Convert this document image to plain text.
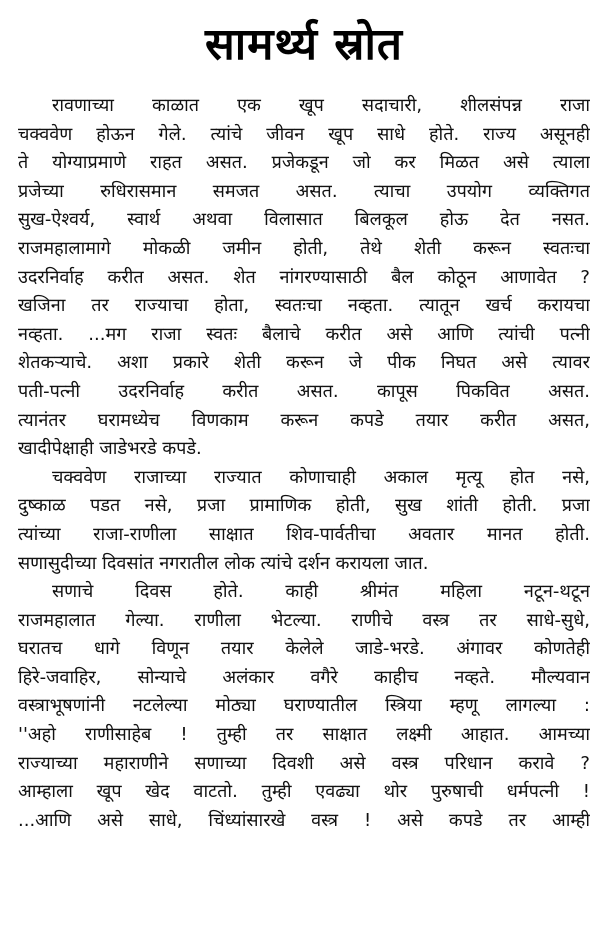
सामर्थ्य स्रोत
रावणाच्या काळात एक खूप सदाचारी, शीलसंपन्न राजा
चक्ववेण होऊन गेले. त्यांचे जीवन खूप साधे होते. राज्य असूनही
ते योग्याप्रमाणे राहत असत. प्रजेकडून जो कर मिळत असे त्याला
प्रजेच्या रुधिरासमान समजत असत. त्याचा उपयोग व्यक्तिगत
सुख-ऐश्वर्य, स्वार्थ अथवा विलासात बिलकूल होऊ देत नसत.
राजमहालामागे मोकळी जमीन होती, तेथे शेती करून स्वतःचा
उदरनिर्वाह करीत असत. शेत नांगरण्यासाठी बैल कोठून आणावेत ?
खजिना तर राज्याचा होता, स्वतःचा नव्हता. त्यातून खर्च करायचा
नव्हता. ...मग राजा स्वतः बैलाचे करीत असे आणि त्यांची पत्नी
शेतकऱ्याचे. अशा प्रकारे शेती करून जे पीक निघत असे त्यावर
पती-पत्नी उदरनिर्वाह करीत असत. कापूस पिकवित असत.
त्यानंतर घरामध्येच विणकाम करून कपडे तयार करीत असत,
खादीपेक्षाही जाडेभरडे कपडे.
चक्ववेण राजाच्या राज्यात कोणाचाही अकाल मृत्यू होत नसे,
दुष्काळ पडत नसे, प्रजा प्रामाणिक होती, सुख शांती होती. प्रजा
त्यांच्या राजा-राणीला साक्षात शिव-पार्वतीचा अवतार मानत होती.
सणासुदीच्या दिवसांत नगरातील लोक त्यांचे दर्शन करायला जात.
सणाचे दिवस होते. काही श्रीमंत महिला नटून-थटून
राजमहालात गेल्या. राणीला भेटल्या. राणीचे वस्त्र तर साधे-सुधे,
घरातच धागे विणून तयार केलेले जाडे-भरडे. अंगावर कोणतेही
हिरे-जवाहिर, सोन्याचे अलंकार वगैरे काहीच नव्हते. मौल्यवान
वस्त्राभूषणांनी नटलेल्या मोठ्या घराण्यातील स्त्रिया म्हणू लागल्या :
''अहो राणीसाहेब ! तुम्ही तर साक्षात लक्ष्मी आहात. आमच्या
राज्याच्या महाराणीने सणाच्या दिवशी असे वस्त्र परिधान करावे ?
आम्हाला खूप खेद वाटतो. तुम्ही एवढ्या थोर पुरुषाची धर्मपत्नी !
...आणि असे साधे, चिंध्यांसारखे वस्त्र ! असे कपडे तर आम्ही
